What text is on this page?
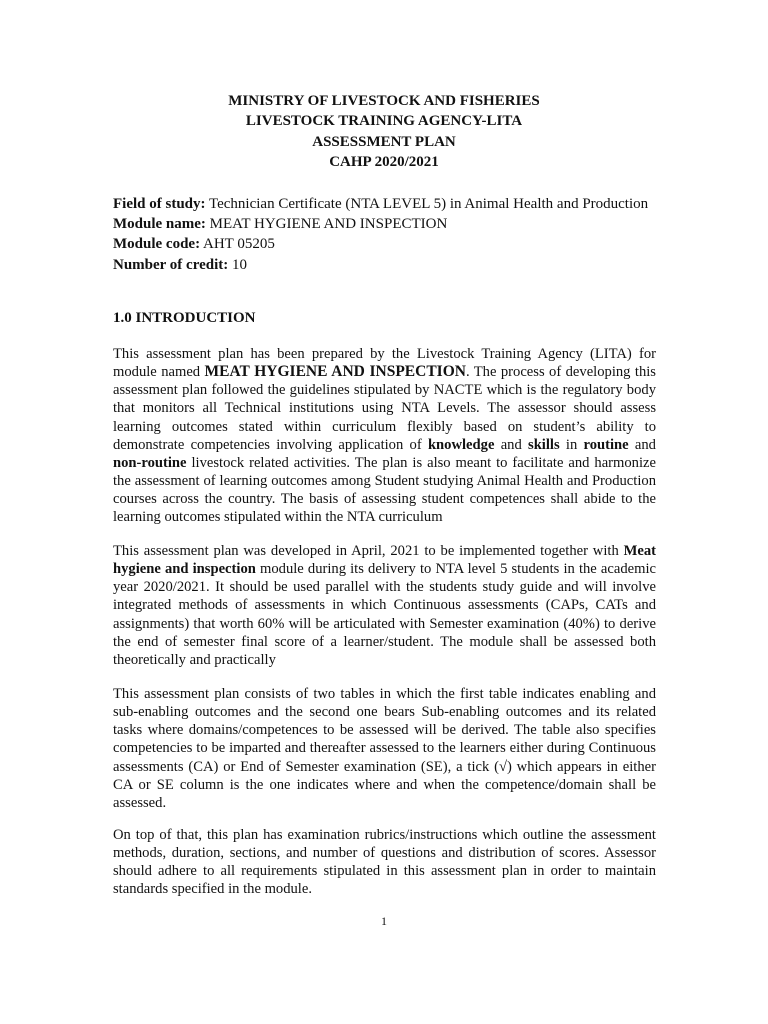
MINISTRY OF LIVESTOCK AND FISHERIES
LIVESTOCK TRAINING AGENCY-LITA
ASSESSMENT PLAN
CAHP 2020/2021
Field of study: Technician Certificate (NTA LEVEL 5) in Animal Health and Production
Module name: MEAT HYGIENE AND INSPECTION
Module code: AHT 05205
Number of credit: 10
1.0 INTRODUCTION
This assessment plan has been prepared by the Livestock Training Agency (LITA) for module named MEAT HYGIENE AND INSPECTION. The process of developing this assessment plan followed the guidelines stipulated by NACTE which is the regulatory body that monitors all Technical institutions using NTA Levels. The assessor should assess learning outcomes stated within curriculum flexibly based on student’s ability to demonstrate competencies involving application of knowledge and skills in routine and non-routine livestock related activities. The plan is also meant to facilitate and harmonize the assessment of learning outcomes among Student studying Animal Health and Production courses across the country. The basis of assessing student competences shall abide to the learning outcomes stipulated within the NTA curriculum
This assessment plan was developed in April, 2021 to be implemented together with Meat hygiene and inspection module during its delivery to NTA level 5 students in the academic year 2020/2021. It should be used parallel with the students study guide and will involve integrated methods of assessments in which Continuous assessments (CAPs, CATs and assignments) that worth 60% will be articulated with Semester examination (40%) to derive the end of semester final score of a learner/student. The module shall be assessed both theoretically and practically
This assessment plan consists of two tables in which the first table indicates enabling and sub-enabling outcomes and the second one bears Sub-enabling outcomes and its related tasks where domains/competences to be assessed will be derived. The table also specifies competencies to be imparted and thereafter assessed to the learners either during Continuous assessments (CA) or End of Semester examination (SE), a tick (√) which appears in either CA or SE column is the one indicates where and when the competence/domain shall be assessed.
On top of that, this plan has examination rubrics/instructions which outline the assessment methods, duration, sections, and number of questions and distribution of scores. Assessor should adhere to all requirements stipulated in this assessment plan in order to maintain standards specified in the module.
1
